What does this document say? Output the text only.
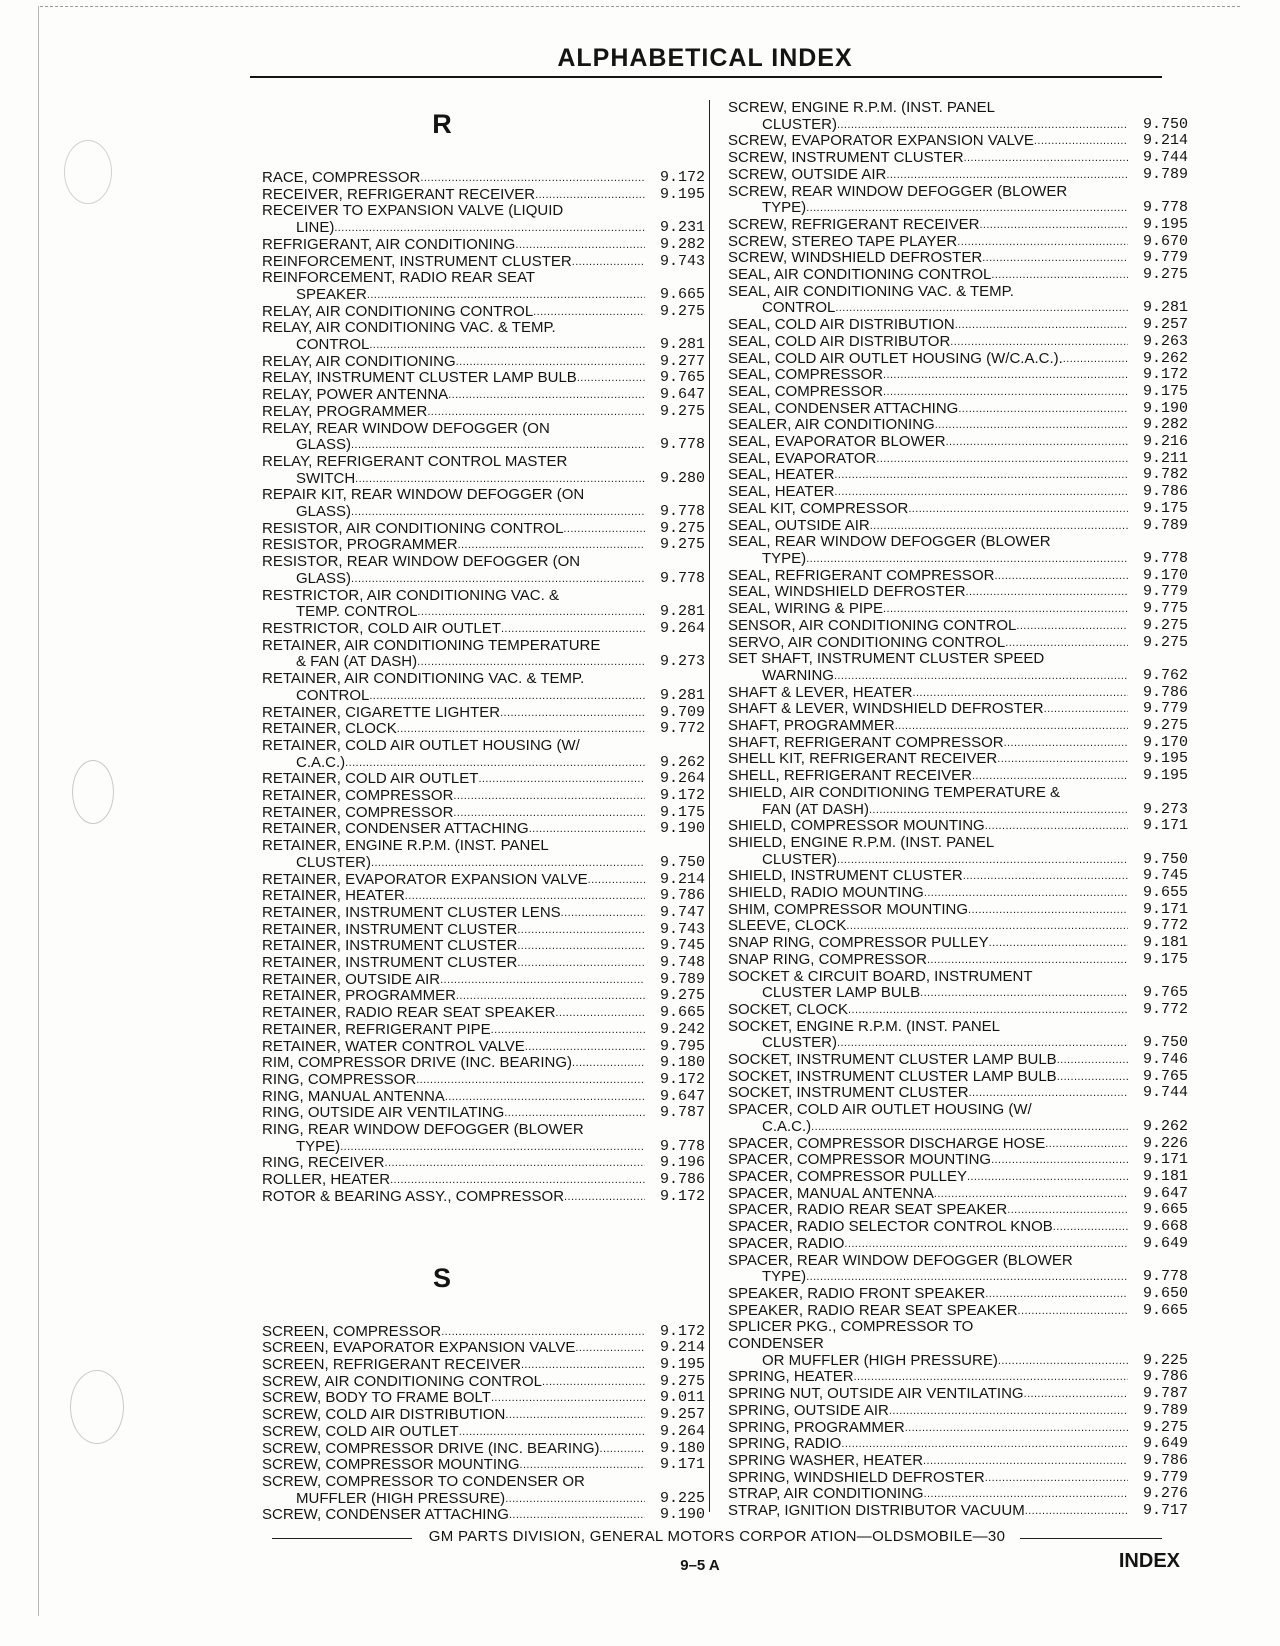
ALPHABETICAL INDEX
R
RACE, COMPRESSOR .....	9.172
RECEIVER, REFRIGERANT RECEIVER .....	9.195
RECEIVER TO EXPANSION VALVE (LIQUID
LINE) .....	9.231
REFRIGERANT, AIR CONDITIONING .....	9.282
REINFORCEMENT, INSTRUMENT CLUSTER .....	9.743
REINFORCEMENT, RADIO REAR SEAT
SPEAKER .....	9.665
RELAY, AIR CONDITIONING CONTROL .....	9.275
RELAY, AIR CONDITIONING VAC. & TEMP.
CONTROL .....	9.281
RELAY, AIR CONDITIONING .....	9.277
RELAY, INSTRUMENT CLUSTER LAMP BULB .....	9.765
RELAY, POWER ANTENNA .....	9.647
RELAY, PROGRAMMER .....	9.275
RELAY, REAR WINDOW DEFOGGER (ON
GLASS) .....	9.778
RELAY, REFRIGERANT CONTROL MASTER
SWITCH .....	9.280
REPAIR KIT, REAR WINDOW DEFOGGER (ON
GLASS) .....	9.778
RESISTOR, AIR CONDITIONING CONTROL .....	9.275
RESISTOR, PROGRAMMER .....	9.275
RESISTOR, REAR WINDOW DEFOGGER (ON
GLASS) .....	9.778
RESTRICTOR, AIR CONDITIONING VAC. &
TEMP. CONTROL .....	9.281
RESTRICTOR, COLD AIR OUTLET .....	9.264
RETAINER, AIR CONDITIONING TEMPERATURE
& FAN (AT DASH) .....	9.273
RETAINER, AIR CONDITIONING VAC. & TEMP.
CONTROL .....	9.281
RETAINER, CIGARETTE LIGHTER .....	9.709
RETAINER, CLOCK .....	9.772
RETAINER, COLD AIR OUTLET HOUSING (W/
C.A.C.) .....	9.262
RETAINER, COLD AIR OUTLET .....	9.264
RETAINER, COMPRESSOR .....	9.172
RETAINER, COMPRESSOR .....	9.175
RETAINER, CONDENSER ATTACHING .....	9.190
RETAINER, ENGINE R.P.M. (INST. PANEL
CLUSTER) .....	9.750
RETAINER, EVAPORATOR EXPANSION VALVE .....	9.214
RETAINER, HEATER .....	9.786
RETAINER, INSTRUMENT CLUSTER LENS .....	9.747
RETAINER, INSTRUMENT CLUSTER .....	9.743
RETAINER, INSTRUMENT CLUSTER .....	9.745
RETAINER, INSTRUMENT CLUSTER .....	9.748
RETAINER, OUTSIDE AIR .....	9.789
RETAINER, PROGRAMMER .....	9.275
RETAINER, RADIO REAR SEAT SPEAKER .....	9.665
RETAINER, REFRIGERANT PIPE .....	9.242
RETAINER, WATER CONTROL VALVE .....	9.795
RIM, COMPRESSOR DRIVE (INC. BEARING) .....	9.180
RING, COMPRESSOR .....	9.172
RING, MANUAL ANTENNA .....	9.647
RING, OUTSIDE AIR VENTILATING .....	9.787
RING, REAR WINDOW DEFOGGER (BLOWER
TYPE) .....	9.778
RING, RECEIVER .....	9.196
ROLLER, HEATER .....	9.786
ROTOR & BEARING ASSY., COMPRESSOR .....	9.172
S
SCREEN, COMPRESSOR .....	9.172
SCREEN, EVAPORATOR EXPANSION VALVE .....	9.214
SCREEN, REFRIGERANT RECEIVER .....	9.195
SCREW, AIR CONDITIONING CONTROL .....	9.275
SCREW, BODY TO FRAME BOLT .....	9.011
SCREW, COLD AIR DISTRIBUTION .....	9.257
SCREW, COLD AIR OUTLET .....	9.264
SCREW, COMPRESSOR DRIVE (INC. BEARING) .....	9.180
SCREW, COMPRESSOR MOUNTING .....	9.171
SCREW, COMPRESSOR TO CONDENSER OR
MUFFLER (HIGH PRESSURE) .....	9.225
SCREW, CONDENSER ATTACHING .....	9.190
SCREW, ENGINE R.P.M. (INST. PANEL
CLUSTER) .....	9.750
SCREW, EVAPORATOR EXPANSION VALVE .....	9.214
SCREW, INSTRUMENT CLUSTER .....	9.744
SCREW, OUTSIDE AIR .....	9.789
SCREW, REAR WINDOW DEFOGGER (BLOWER
TYPE) .....	9.778
SCREW, REFRIGERANT RECEIVER .....	9.195
SCREW, STEREO TAPE PLAYER .....	9.670
SCREW, WINDSHIELD DEFROSTER .....	9.779
SEAL, AIR CONDITIONING CONTROL .....	9.275
SEAL, AIR CONDITIONING VAC. & TEMP.
CONTROL .....	9.281
SEAL, COLD AIR DISTRIBUTION .....	9.257
SEAL, COLD AIR DISTRIBUTOR .....	9.263
SEAL, COLD AIR OUTLET HOUSING (W/C.A.C.). .....	9.262
SEAL, COMPRESSOR .....	9.172
SEAL, COMPRESSOR .....	9.175
SEAL, CONDENSER ATTACHING .....	9.190
SEALER, AIR CONDITIONING .....	9.282
SEAL, EVAPORATOR BLOWER .....	9.216
SEAL, EVAPORATOR .....	9.211
SEAL, HEATER .....	9.782
SEAL, HEATER .....	9.786
SEAL KIT, COMPRESSOR .....	9.175
SEAL, OUTSIDE AIR .....	9.789
SEAL, REAR WINDOW DEFOGGER (BLOWER
TYPE) .....	9.778
SEAL, REFRIGERANT COMPRESSOR .....	9.170
SEAL, WINDSHIELD DEFROSTER .....	9.779
SEAL, WIRING & PIPE .....	9.775
SENSOR, AIR CONDITIONING CONTROL .....	9.275
SERVO, AIR CONDITIONING CONTROL .....	9.275
SET SHAFT, INSTRUMENT CLUSTER SPEED
WARNING .....	9.762
SHAFT & LEVER, HEATER .....	9.786
SHAFT & LEVER, WINDSHIELD DEFROSTER .....	9.779
SHAFT, PROGRAMMER .....	9.275
SHAFT, REFRIGERANT COMPRESSOR .....	9.170
SHELL KIT, REFRIGERANT RECEIVER .....	9.195
SHELL, REFRIGERANT RECEIVER .....	9.195
SHIELD, AIR CONDITIONING TEMPERATURE &
FAN (AT DASH) .....	9.273
SHIELD, COMPRESSOR MOUNTING .....	9.171
SHIELD, ENGINE R.P.M. (INST. PANEL
CLUSTER) .....	9.750
SHIELD, INSTRUMENT CLUSTER .....	9.745
SHIELD, RADIO MOUNTING .....	9.655
SHIM, COMPRESSOR MOUNTING .....	9.171
SLEEVE, CLOCK .....	9.772
SNAP RING, COMPRESSOR PULLEY .....	9.181
SNAP RING, COMPRESSOR .....	9.175
SOCKET & CIRCUIT BOARD, INSTRUMENT
CLUSTER LAMP BULB .....	9.765
SOCKET, CLOCK .....	9.772
SOCKET, ENGINE R.P.M. (INST. PANEL
CLUSTER) .....	9.750
SOCKET, INSTRUMENT CLUSTER LAMP BULB .....	9.746
SOCKET, INSTRUMENT CLUSTER LAMP BULB .....	9.765
SOCKET, INSTRUMENT CLUSTER .....	9.744
SPACER, COLD AIR OUTLET HOUSING (W/
C.A.C.) .....	9.262
SPACER, COMPRESSOR DISCHARGE HOSE .....	9.226
SPACER, COMPRESSOR MOUNTING .....	9.171
SPACER, COMPRESSOR PULLEY .....	9.181
SPACER, MANUAL ANTENNA .....	9.647
SPACER, RADIO REAR SEAT SPEAKER .....	9.665
SPACER, RADIO SELECTOR CONTROL KNOB .....	9.668
SPACER, RADIO .....	9.649
SPACER, REAR WINDOW DEFOGGER (BLOWER
TYPE) .....	9.778
SPEAKER, RADIO FRONT SPEAKER .....	9.650
SPEAKER, RADIO REAR SEAT SPEAKER .....	9.665
SPLICER PKG., COMPRESSOR TO CONDENSER
OR MUFFLER (HIGH PRESSURE) .....	9.225
SPRING, HEATER .....	9.786
SPRING NUT, OUTSIDE AIR VENTILATING .....	9.787
SPRING, OUTSIDE AIR .....	9.789
SPRING, PROGRAMMER .....	9.275
SPRING, RADIO .....	9.649
SPRING WASHER, HEATER .....	9.786
SPRING, WINDSHIELD DEFROSTER .....	9.779
STRAP, AIR CONDITIONING .....	9.276
STRAP, IGNITION DISTRIBUTOR VACUUM .....	9.717
GM PARTS DIVISION, GENERAL MOTORS CORPOR ATION—OLDSMOBILE—30
9–5 A	INDEX
